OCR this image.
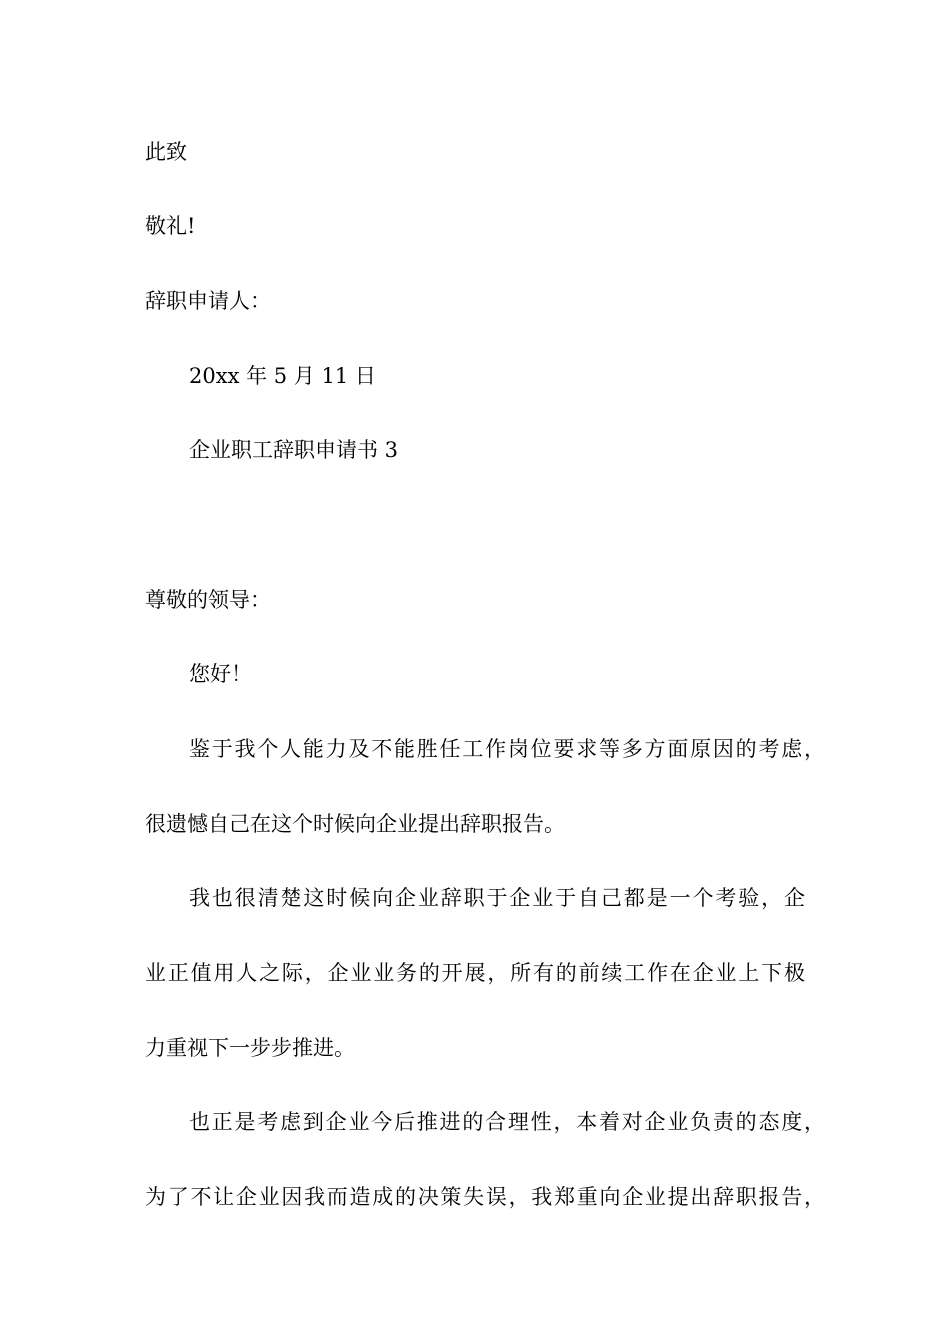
此致
敬礼!
辞职申请人：
20xx 年 5 月 11 日
企业职工辞职申请书 3
尊敬的领导：
您好！
鉴于我个人能力及不能胜任工作岗位要求等多方面原因的考虑，
很遗憾自己在这个时候向企业提出辞职报告。
我也很清楚这时候向企业辞职于企业于自己都是一个考验，企
业正值用人之际，企业业务的开展，所有的前续工作在企业上下极
力重视下一步步推进。
也正是考虑到企业今后推进的合理性，本着对企业负责的态度，
为了不让企业因我而造成的决策失误，我郑重向企业提出辞职报告，
